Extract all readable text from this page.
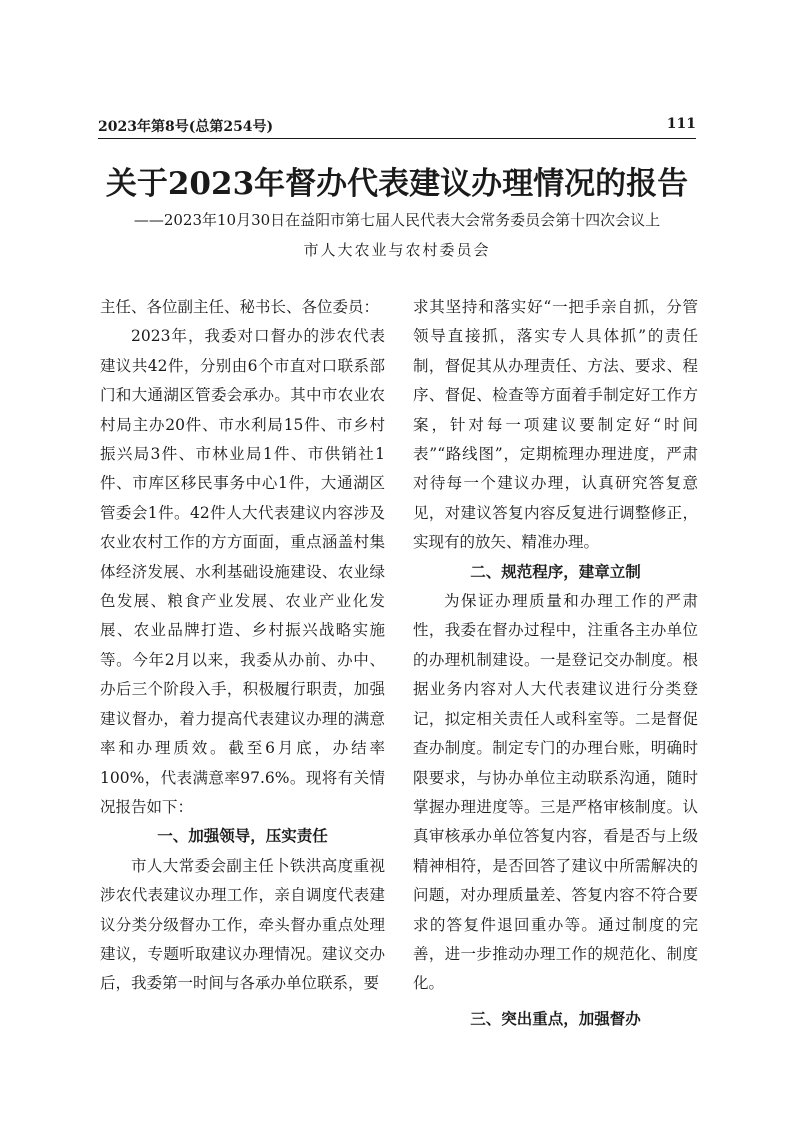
2023年第8号(总第254号)	111
关于2023年督办代表建议办理情况的报告
——2023年10月30日在益阳市第七届人民代表大会常务委员会第十四次会议上
市人大农业与农村委员会

主任、各位副主任、秘书长、各位委员：

2023年，我委对口督办的涉农代表建议共42件，分别由6个市直对口联系部门和大通湖区管委会承办。其中市农业农村局主办20件、市水利局15件、市乡村振兴局3件、市林业局1件、市供销社1件、市库区移民事务中心1件，大通湖区管委会1件。42件人大代表建议内容涉及农业农村工作的方方面面，重点涵盖村集体经济发展、水利基础设施建设、农业绿色发展、粮食产业发展、农业产业化发展、农业品牌打造、乡村振兴战略实施等。今年2月以来，我委从办前、办中、办后三个阶段入手，积极履行职责，加强建议督办，着力提高代表建议办理的满意率和办理质效。截至6月底，办结率100%，代表满意率97.6%。现将有关情况报告如下：

一、加强领导，压实责任

市人大常委会副主任卜铁洪高度重视涉农代表建议办理工作，亲自调度代表建议分类分级督办工作，牵头督办重点处理建议，专题听取建议办理情况。建议交办后，我委第一时间与各承办单位联系，要

求其坚持和落实好“一把手亲自抓，分管领导直接抓，落实专人具体抓”的责任制，督促其从办理责任、方法、要求、程序、督促、检查等方面着手制定好工作方案，针对每一项建议要制定好“时间表”“路线图”，定期梳理办理进度，严肃对待每一个建议办理，认真研究答复意见，对建议答复内容反复进行调整修正，实现有的放矢、精准办理。

二、规范程序，建章立制

为保证办理质量和办理工作的严肃性，我委在督办过程中，注重各主办单位的办理机制建设。一是登记交办制度。根据业务内容对人大代表建议进行分类登记，拟定相关责任人或科室等。二是督促查办制度。制定专门的办理台账，明确时限要求，与协办单位主动联系沟通，随时掌握办理进度等。三是严格审核制度。认真审核承办单位答复内容，看是否与上级精神相符，是否回答了建议中所需解决的问题，对办理质量差、答复内容不符合要求的答复件退回重办等。通过制度的完善，进一步推动办理工作的规范化、制度化。

三、突出重点，加强督办
